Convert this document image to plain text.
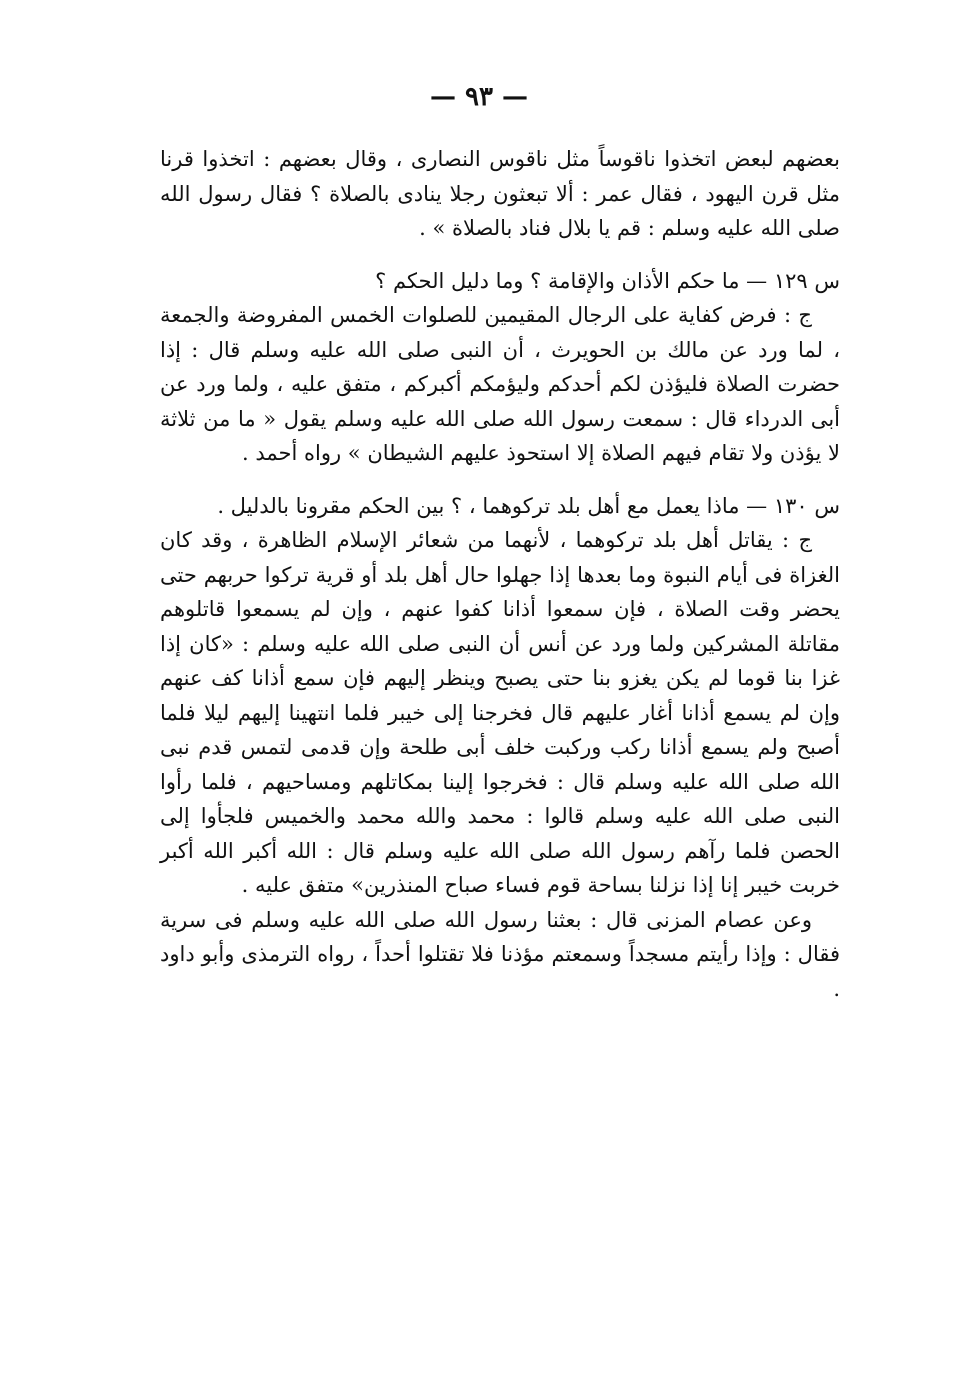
— ٩٣ —

بعضهم لبعض اتخذوا ناقوساً مثل ناقوس النصارى ، وقال بعضهم : اتخذوا قرنا مثل قرن اليهود ، فقال عمر : ألا تبعثون رجلا ينادى بالصلاة ؟ فقال رسول الله صلى الله عليه وسلم : قم يا بلال فناد بالصلاة » .

س ١٢٩ — ما حكم الأذان والإقامة ؟ وما دليل الحكم ؟

ج : فرض كفاية على الرجال المقيمين للصلوات الخمس المفروضة والجمعة ، لما ورد عن مالك بن الحويرث ، أن النبى صلى الله عليه وسلم قال : إذا حضرت الصلاة فليؤذن لكم أحدكم وليؤمكم أكبركم ، متفق عليه ، ولما ورد عن أبى الدرداء قال : سمعت رسول الله صلى الله عليه وسلم يقول « ما من ثلاثة لا يؤذن ولا تقام فيهم الصلاة إلا استحوذ عليهم الشيطان » رواه أحمد .

س ١٣٠ — ماذا يعمل مع أهل بلد تركوهما ، ؟ بين الحكم مقرونا بالدليل .

ج : يقاتل أهل بلد تركوهما ، لأنهما من شعائر الإسلام الظاهرة ، وقد كان الغزاة فى أيام النبوة وما بعدها إذا جهلوا حال أهل بلد أو قرية تركوا حربهم حتى يحضر وقت الصلاة ، فإن سمعوا أذانا كفوا عنهم ، وإن لم يسمعوا قاتلوهم مقاتلة المشركين ولما ورد عن أنس أن النبى صلى الله عليه وسلم : «كان إذا غزا بنا قوما لم يكن يغزو بنا حتى يصبح وينظر إليهم فإن سمع أذانا كف عنهم وإن لم يسمع أذانا أغار عليهم قال فخرجنا إلى خيبر فلما انتهينا إليهم ليلا فلما أصبح ولم يسمع أذانا ركب وركبت خلف أبى طلحة وإن قدمى لتمس قدم نبى الله صلى الله عليه وسلم قال : فخرجوا إلينا بمكاتلهم ومساحيهم ، فلما رأوا النبى صلى الله عليه وسلم قالوا : محمد والله محمد والخميس فلجأوا إلى الحصن فلما رآهم رسول الله صلى الله عليه وسلم قال : الله أكبر الله أكبر خربت خيبر إنا إذا نزلنا بساحة قوم فساء صباح المنذرين» متفق عليه .

وعن عصام المزنى قال : بعثنا رسول الله صلى الله عليه وسلم فى سرية فقال : وإذا رأيتم مسجداً وسمعتم مؤذنا فلا تقتلوا أحداً ، رواه الترمذى وأبو داود .
